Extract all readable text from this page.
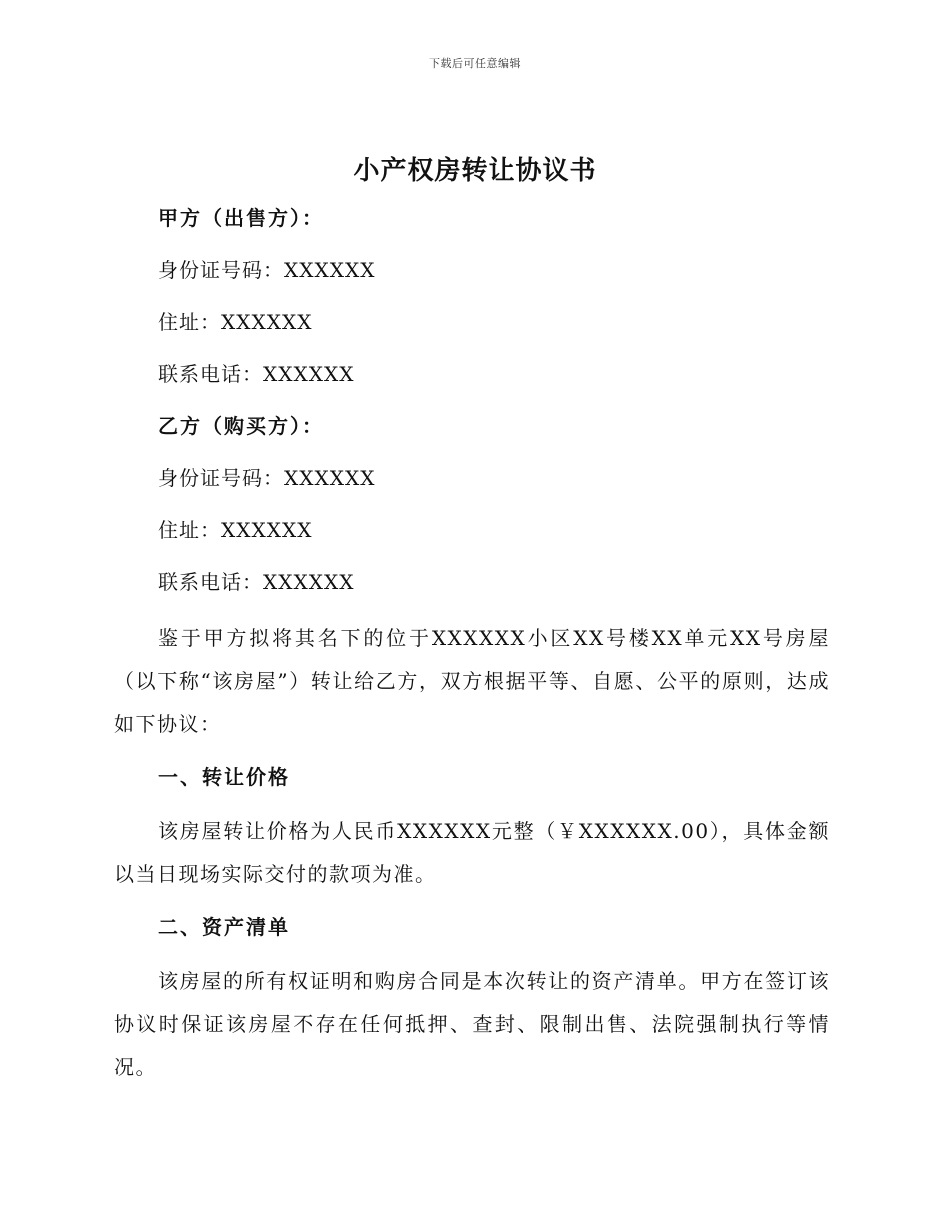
下载后可任意编辑
小产权房转让协议书
甲方（出售方）：
身份证号码：XXXXXX
住址：XXXXXX
联系电话：XXXXXX
乙方（购买方）：
身份证号码：XXXXXX
住址：XXXXXX
联系电话：XXXXXX
鉴于甲方拟将其名下的位于XXXXXX小区XX号楼XX单元XX号房屋（以下称“该房屋”）转让给乙方，双方根据平等、自愿、公平的原则，达成如下协议：
一、转让价格
该房屋转让价格为人民币XXXXXX元整（￥XXXXXX.00），具体金额以当日现场实际交付的款项为准。
二、资产清单
该房屋的所有权证明和购房合同是本次转让的资产清单。甲方在签订该协议时保证该房屋不存在任何抵押、查封、限制出售、法院强制执行等情况。
